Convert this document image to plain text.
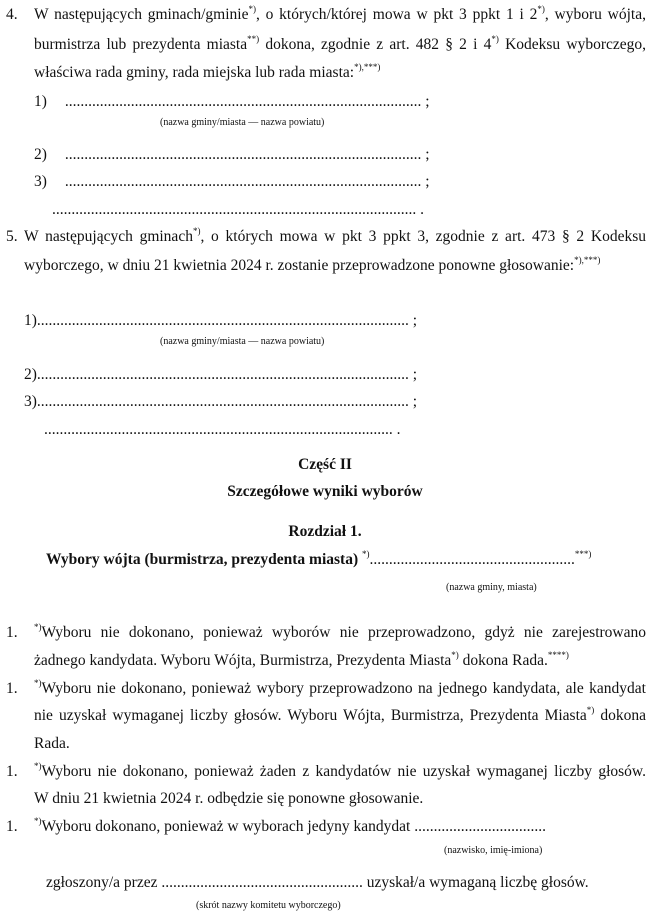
4. W następujących gminach/gminie*), o których/której mowa w pkt 3 ppkt 1 i 2*), wyboru wójta,
burmistrza lub prezydenta miasta**) dokona, zgodnie z art. 482 § 2 i 4*) Kodeksu wyborczego,
właściwa rada gminy, rada miejska lub rada miasta:*),***)
1) ............................................................................................ ;
(nazwa gminy/miasta — nazwa powiatu)
2) ............................................................................................ ;
3) ............................................................................................ ;
.............................................................................................. .
5. W następujących gminach*), o których mowa w pkt 3 ppkt 3, zgodnie z art. 473 § 2 Kodeksu
wyborczego, w dniu 21 kwietnia 2024 r. zostanie przeprowadzone ponowne głosowanie:*),***)
1)................................................................................................ ;
(nazwa gminy/miasta — nazwa powiatu)
2)................................................................................................ ;
3)................................................................................................ ;
.......................................................................................... .
Część II
Szczegółowe wyniki wyborów
Rozdział 1.
Wybory wójta (burmistrza, prezydenta miasta) *).....................................................***)
(nazwa gminy, miasta)
1. *)Wyboru nie dokonano, ponieważ wyborów nie przeprowadzono, gdyż nie zarejestrowano
żadnego kandydata. Wyboru Wójta, Burmistrza, Prezydenta Miasta*) dokona Rada.****)
1. *)Wyboru nie dokonano, ponieważ wybory przeprowadzono na jednego kandydata, ale kandydat
nie uzyskał wymaganej liczby głosów. Wyboru Wójta, Burmistrza, Prezydenta Miasta*) dokona
Rada.
1. *)Wyboru nie dokonano, ponieważ żaden z kandydatów nie uzyskał wymaganej liczby głosów.
W dniu 21 kwietnia 2024 r. odbędzie się ponowne głosowanie.
1. *)Wyboru dokonano, ponieważ w wyborach jedyny kandydat ..................................
(nazwisko, imię-imiona)
zgłoszony/a przez .................................................... uzyskał/a wymaganą liczbę głosów.
(skrót nazwy komitetu wyborczego)
